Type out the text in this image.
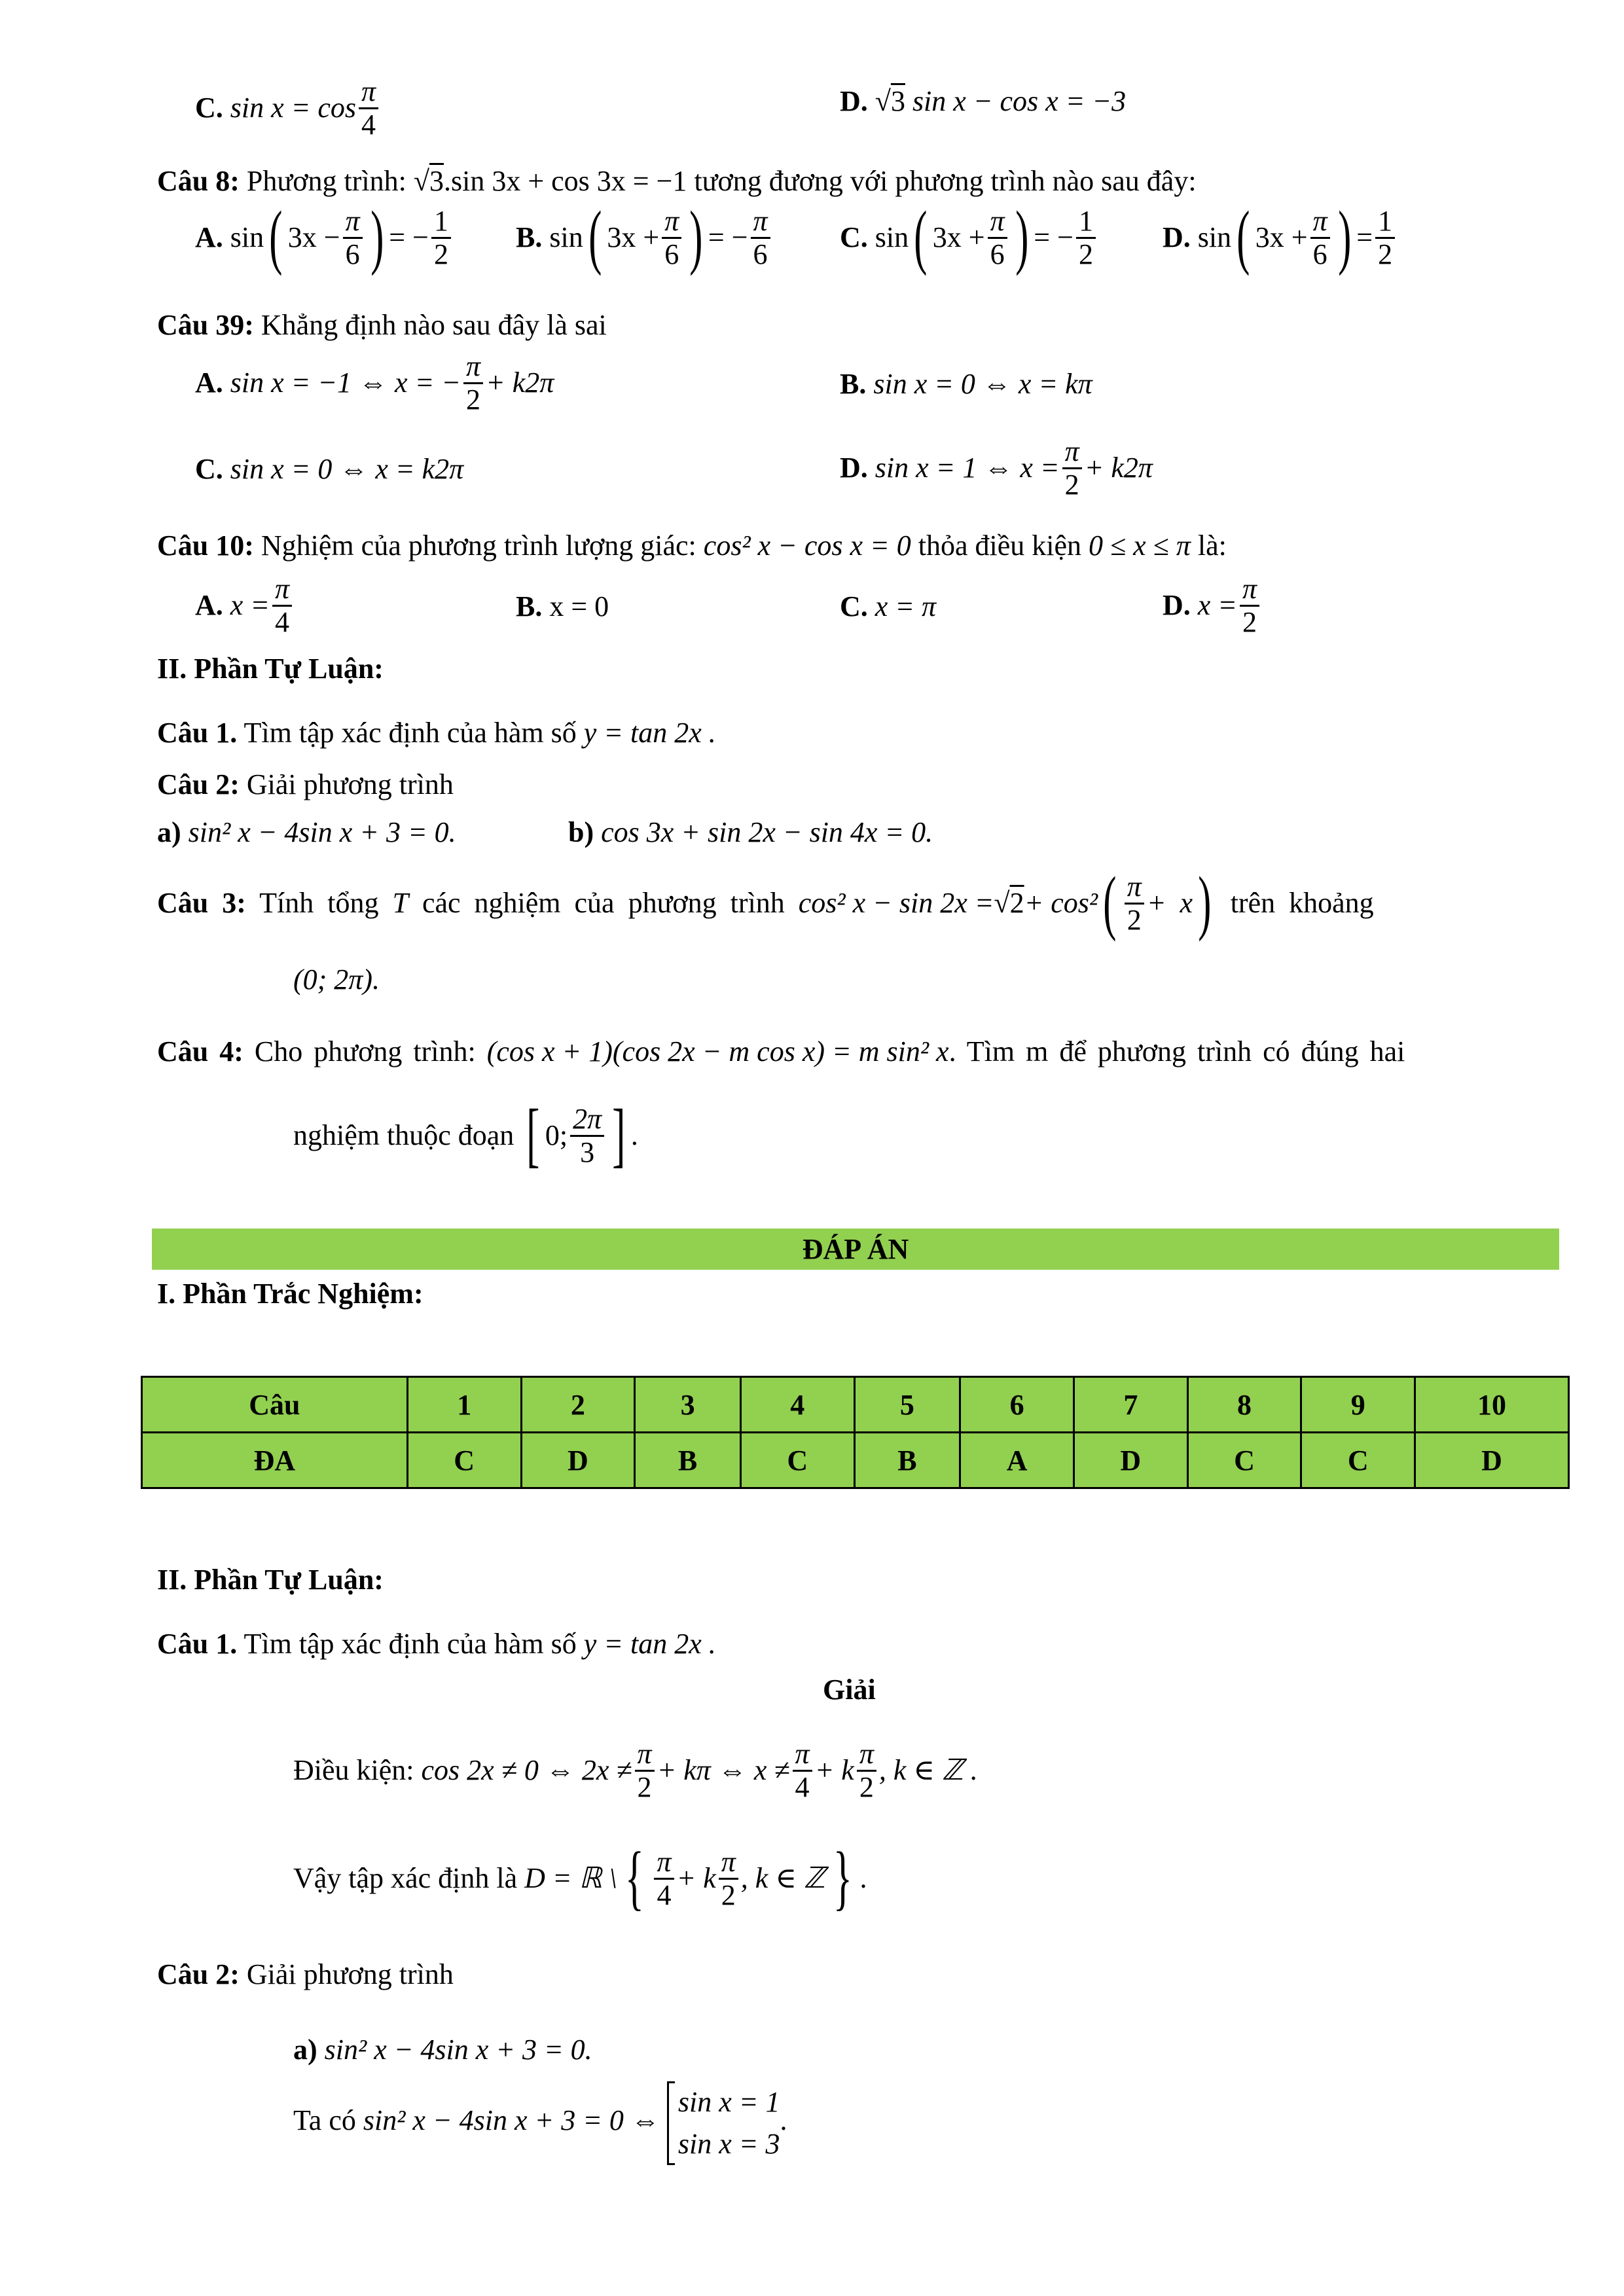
C. $\sin x = \cos \frac{\pi}{4}$	D. √3 sin x − cos x = −3
Câu 8: Phương trình: √3.sin 3x + cos 3x = −1 tương đương với phương trình nào sau đây:
A. sin( $3x - \frac{\pi}{6}$ ) = − $\frac{1}{2} B$. sin( $3x + \frac{\pi}{6}$ ) = − $\frac{\pi}{6} C$. sin( $3x + \frac{\pi}{6}$ ) = − $\frac{1}{2} D$. sin( $3x + \frac{\pi}{6}$ ) = $\frac{1}{2}$
Câu 39: Khẳng định nào sau đây là sai
A. sin x = −1 ⇔ x = − $\frac{\pi}{2} + k2\pi$	B. sin x = 0 ⇔ x = kπ
C. sin x = 0 ⇔ x = k2π	D. sin x = 1 ⇔ $x = \frac{\pi}{2} + k2\pi$
Câu 10: Nghiệm của phương trình lượng giác: cos² x − cos x = 0 thỏa điều kiện 0 ≤ x ≤ π là:
A. $x = \frac{\pi}{4}$	B. x = 0	C. x = π	D. $x = \frac{\pi}{2}$
II. Phần Tự Luận:
Câu 1. Tìm tập xác định của hàm số y = tan 2x .
Câu 2: Giải phương trình
a) sin² x − 4sin x + 3 = 0.	b) cos 3x + sin 2x − sin 4x = 0.
Câu 3: Tính tổng T các nghiệm của phương trình cos² $x - \sin 2x =√2+ \cos^2( \frac{\pi}{2} + x)$ trên khoảng
(0; 2π).
Câu 4: Cho phương trình: (cos x + 1)(cos 2x − m cos x) = m sin² x. Tìm m để phương trình có đúng hai
nghiệm thuộc đoạn [ 0; $\frac{2\pi}{3}$ ] .
ĐÁP ÁN
I. Phần Trắc Nghiệm:
Câu	1	2	3	4	5	6	7	8	9	10
ĐA	C	D	B	C	B	A	D	C	C	D
II. Phần Tự Luận:
Câu 1. Tìm tập xác định của hàm số y = tan 2x .
Giải
Điều kiện: cos 2x ≠ 0 ⇔ $2x \ne \frac{\pi}{2} + k\pi$ ⇔ $x \ne \frac{\pi}{4} + k \frac{\pi}{2}$ , k ∈ ℤ .
Vậy tập xác định là D = ℝ \ { $\frac{\pi}{4} + k \frac{\pi}{2}$ , k ∈ ℤ } .
Câu 2: Giải phương trình
a) sin² x − 4sin x + 3 = 0.
Ta có sin² x − 4sin x + 3 = 0 ⇔
sin x = 1
sin x = 3
.
